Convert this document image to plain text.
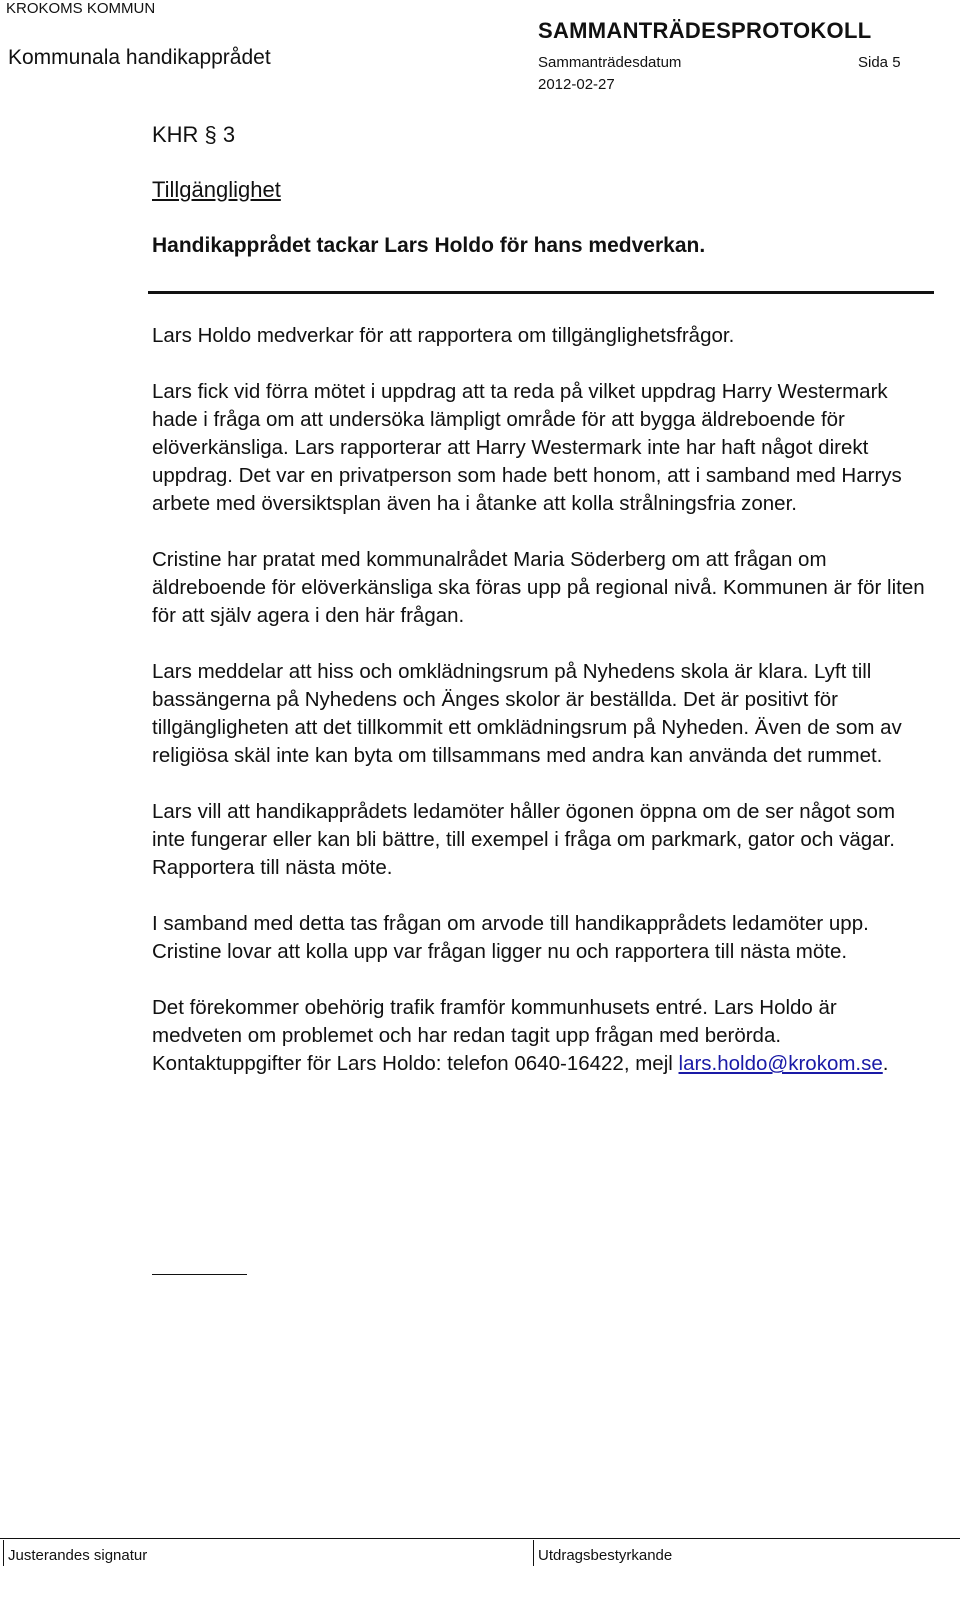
KROKOMS KOMMUN
Kommunala handikapprådet
SAMMANTRÄDESPROTOKOLL
Sammanträdesdatum	Sida 5
2012-02-27
KHR § 3
Tillgänglighet
Handikapprådet tackar Lars Holdo för hans medverkan.

Lars Holdo medverkar för att rapportera om tillgänglighetsfrågor.

Lars fick vid förra mötet i uppdrag att ta reda på vilket uppdrag Harry Westermark hade i fråga om att undersöka lämpligt område för att bygga äldreboende för elöverkänsliga. Lars rapporterar att Harry Westermark inte har haft något direkt uppdrag. Det var en privatperson som hade bett honom, att i samband med Harrys arbete med översiktsplan även ha i åtanke att kolla strålningsfria zoner.

Cristine har pratat med kommunalrådet Maria Söderberg om att frågan om äldreboende för elöverkänsliga ska föras upp på regional nivå. Kommunen är för liten för att själv agera i den här frågan.

Lars meddelar att hiss och omklädningsrum på Nyhedens skola är klara. Lyft till bassängerna på Nyhedens och Änges skolor är beställda. Det är positivt för tillgängligheten att det tillkommit ett omklädningsrum på Nyheden. Även de som av religiösa skäl inte kan byta om tillsammans med andra kan använda det rummet.

Lars vill att handikapprådets ledamöter håller ögonen öppna om de ser något som inte fungerar eller kan bli bättre, till exempel i fråga om parkmark, gator och vägar. Rapportera till nästa möte.

I samband med detta tas frågan om arvode till handikapprådets ledamöter upp. Cristine lovar att kolla upp var frågan ligger nu och rapportera till nästa möte.

Det förekommer obehörig trafik framför kommunhusets entré. Lars Holdo är medveten om problemet och har redan tagit upp frågan med berörda.

Kontaktuppgifter för Lars Holdo: telefon 0640-16422, mejl lars.holdo@krokom.se.

Justerandes signatur	Utdragsbestyrkande
